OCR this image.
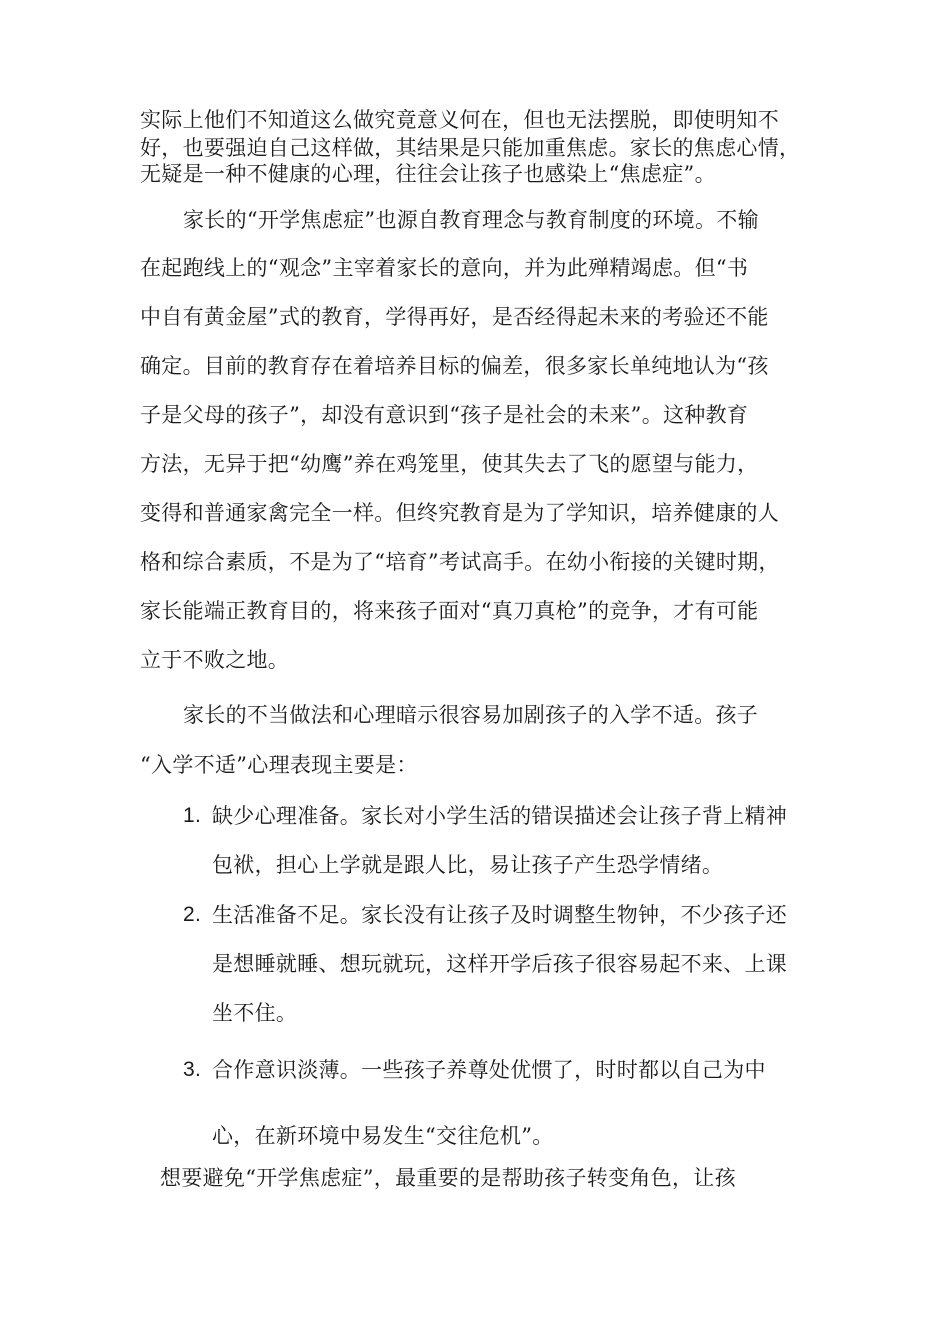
实际上他们不知道这么做究竟意义何在，但也无法摆脱，即使明知不
好，也要强迫自己这样做，其结果是只能加重焦虑。家长的焦虑心情，
无疑是一种不健康的心理，往往会让孩子也感染上“焦虑症”。
家长的“开学焦虑症”也源自教育理念与教育制度的环境。不输
在起跑线上的“观念”主宰着家长的意向，并为此殚精竭虑。但“书
中自有黄金屋”式的教育，学得再好，是否经得起未来的考验还不能
确定。目前的教育存在着培养目标的偏差，很多家长单纯地认为“孩
子是父母的孩子”，却没有意识到“孩子是社会的未来”。这种教育
方法，无异于把“幼鹰”养在鸡笼里，使其失去了飞的愿望与能力，
变得和普通家禽完全一样。但终究教育是为了学知识，培养健康的人
格和综合素质，不是为了“培育”考试高手。在幼小衔接的关键时期，
家长能端正教育目的，将来孩子面对“真刀真枪”的竞争，才有可能
立于不败之地。
家长的不当做法和心理暗示很容易加剧孩子的入学不适。孩子
“入学不适”心理表现主要是：
1. 缺少心理准备。家长对小学生活的错误描述会让孩子背上精神
包袱，担心上学就是跟人比，易让孩子产生恐学情绪。
2. 生活准备不足。家长没有让孩子及时调整生物钟，不少孩子还
是想睡就睡、想玩就玩，这样开学后孩子很容易起不来、上课
坐不住。
3. 合作意识淡薄。一些孩子养尊处优惯了，时时都以自己为中
心，在新环境中易发生“交往危机”。
想要避免“开学焦虑症”，最重要的是帮助孩子转变角色，让孩
